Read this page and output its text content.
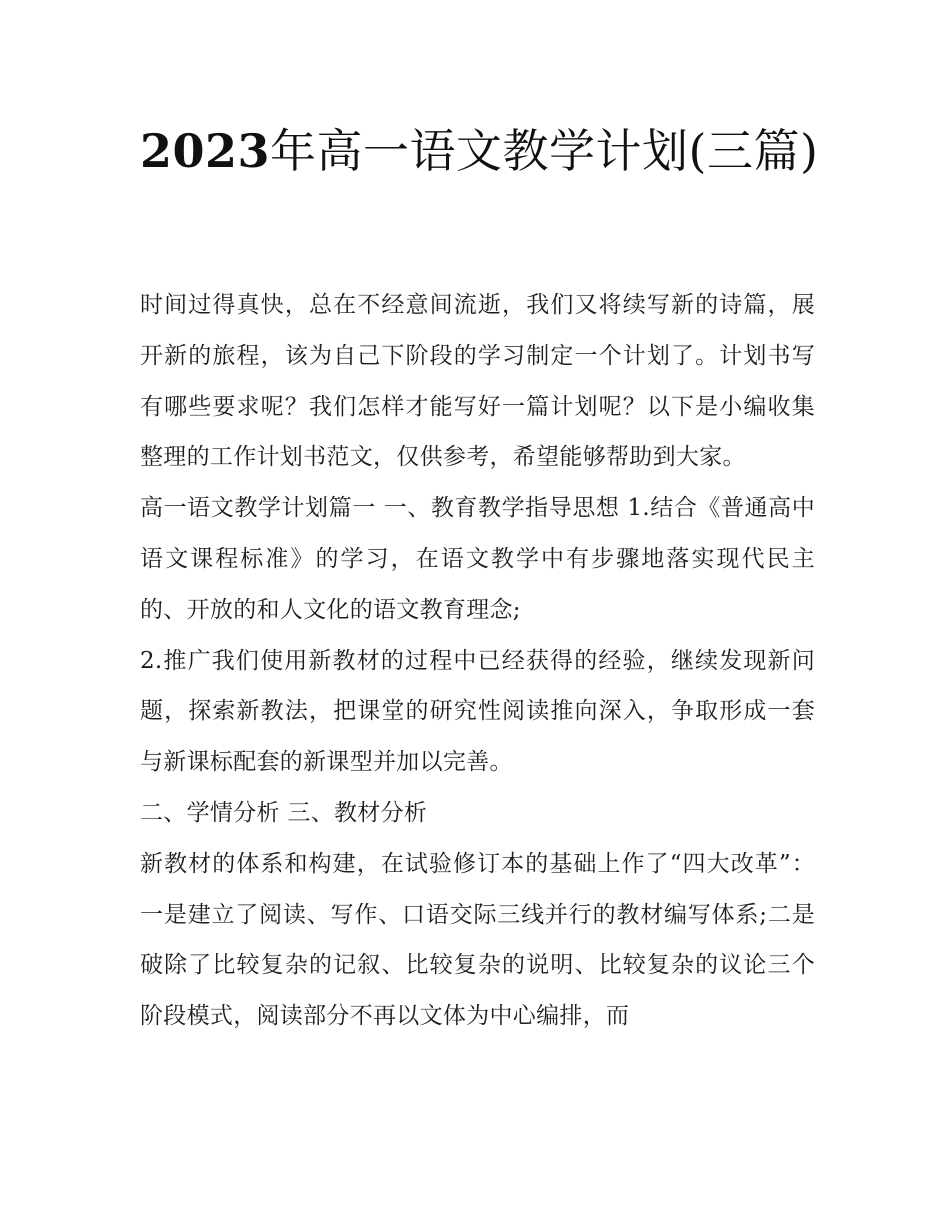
2023年高一语文教学计划(三篇)

时间过得真快，总在不经意间流逝，我们又将续写新的诗篇，展开新的旅程，该为自己下阶段的学习制定一个计划了。计划书写有哪些要求呢？我们怎样才能写好一篇计划呢？以下是小编收集整理的工作计划书范文，仅供参考，希望能够帮助到大家。

高一语文教学计划篇一 一、教育教学指导思想 1.结合《普通高中语文课程标准》的学习，在语文教学中有步骤地落实现代民主的、开放的和人文化的语文教育理念;

2.推广我们使用新教材的过程中已经获得的经验，继续发现新问题，探索新教法，把课堂的研究性阅读推向深入，争取形成一套与新课标配套的新课型并加以完善。

二、学情分析 三、教材分析

新教材的体系和构建，在试验修订本的基础上作了“四大改革”：一是建立了阅读、写作、口语交际三线并行的教材编写体系;二是破除了比较复杂的记叙、比较复杂的说明、比较复杂的议论三个阶段模式，阅读部分不再以文体为中心编排，而
